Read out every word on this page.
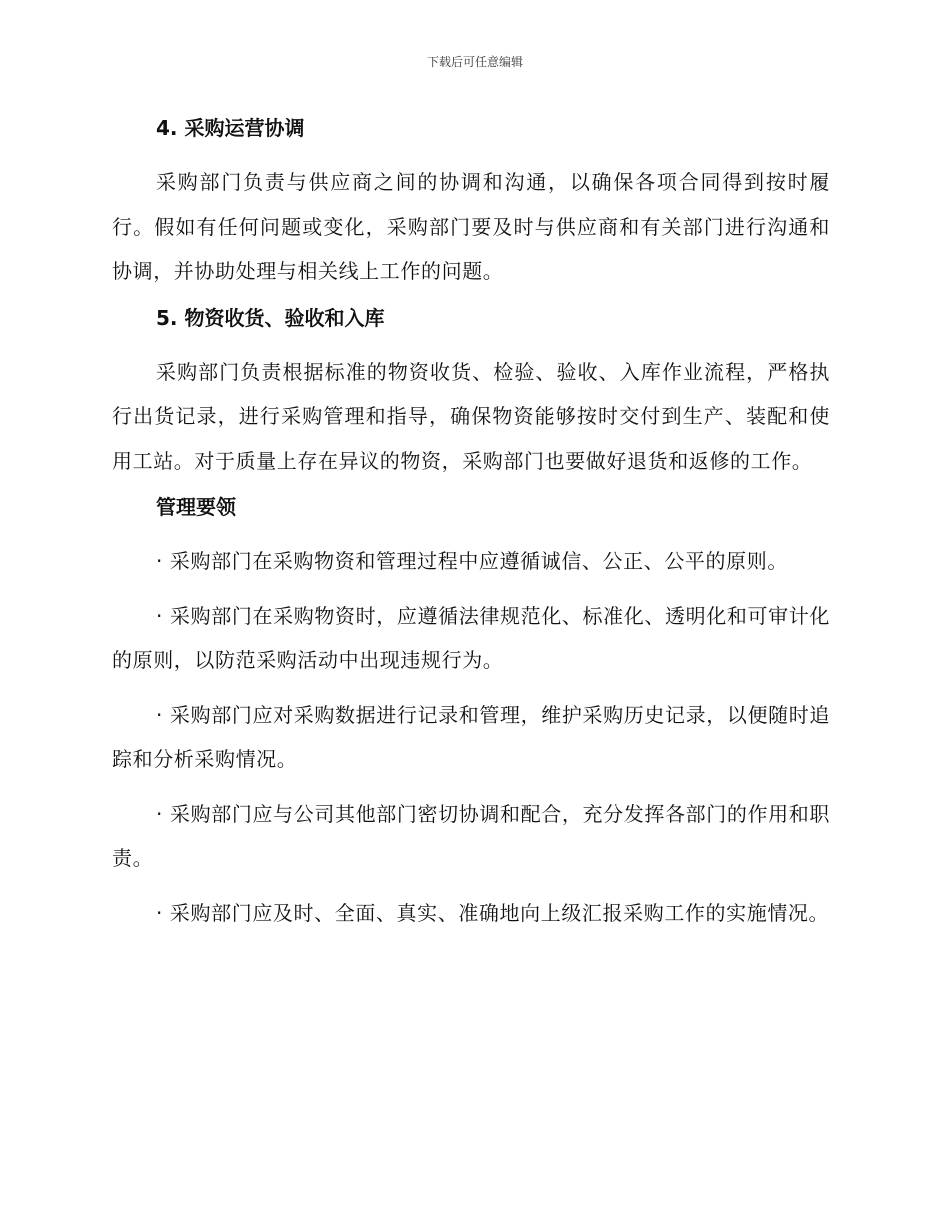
下载后可任意编辑
4. 采购运营协调
采购部门负责与供应商之间的协调和沟通，以确保各项合同得到按时履行。假如有任何问题或变化，采购部门要及时与供应商和有关部门进行沟通和协调，并协助处理与相关线上工作的问题。
5. 物资收货、验收和入库
采购部门负责根据标准的物资收货、检验、验收、入库作业流程，严格执行出货记录，进行采购管理和指导，确保物资能够按时交付到生产、装配和使用工站。对于质量上存在异议的物资，采购部门也要做好退货和返修的工作。
管理要领
· 采购部门在采购物资和管理过程中应遵循诚信、公正、公平的原则。
· 采购部门在采购物资时，应遵循法律规范化、标准化、透明化和可审计化的原则，以防范采购活动中出现违规行为。
· 采购部门应对采购数据进行记录和管理，维护采购历史记录，以便随时追踪和分析采购情况。
· 采购部门应与公司其他部门密切协调和配合，充分发挥各部门的作用和职责。
· 采购部门应及时、全面、真实、准确地向上级汇报采购工作的实施情况。
